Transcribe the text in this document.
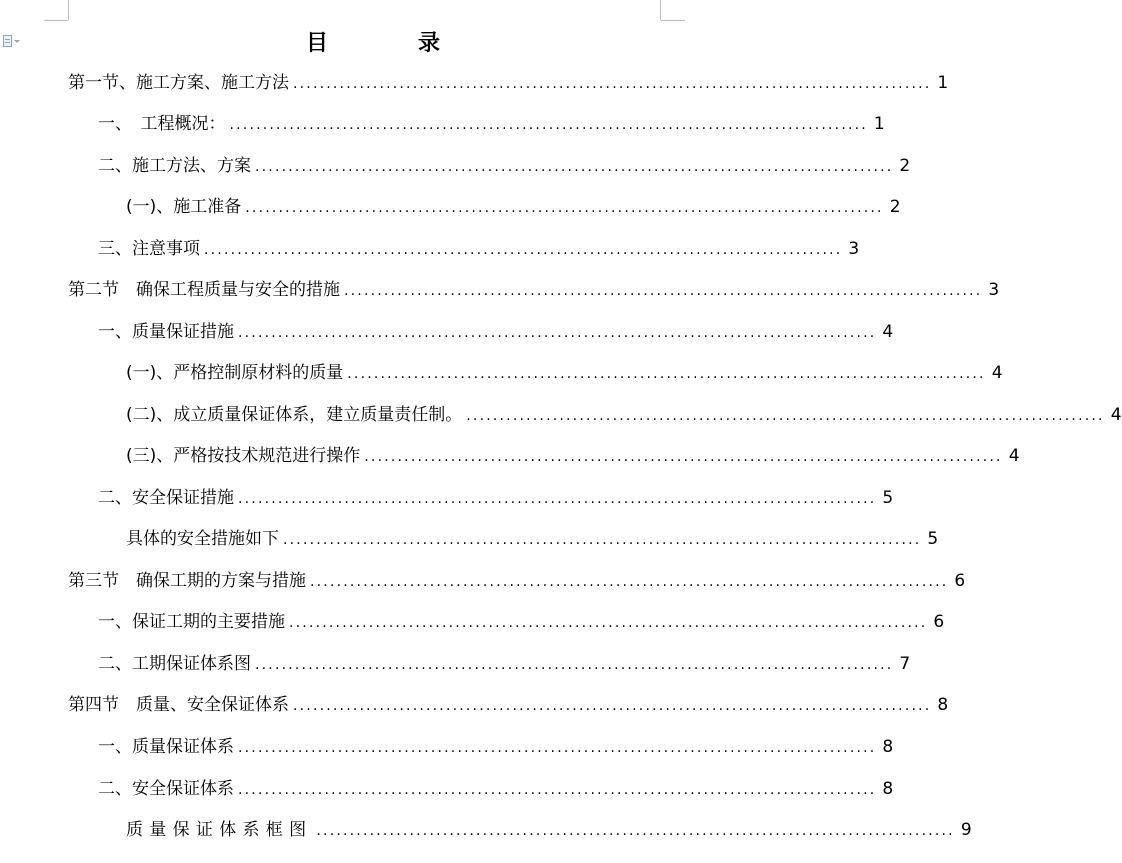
目　录
第一节、施工方案、施工方法 ................................................................................................ 1
一、　工程概况： ................................................................................................ 1
二、施工方法、方案 ................................................................................................ 2
(一)、施工准备 ................................................................................................ 2
三、注意事项 ................................................................................................ 3
第二节　确保工程质量与安全的措施 ................................................................................................ 3
一、质量保证措施 ................................................................................................ 4
(一)、严格控制原材料的质量 ................................................................................................ 4
(二)、成立质量保证体系，建立质量责任制。 ................................................................................................ 4
(三)、严格按技术规范进行操作 ................................................................................................ 4
二、安全保证措施 ................................................................................................ 5
具体的安全措施如下 ................................................................................................ 5
第三节　确保工期的方案与措施 ................................................................................................ 6
一、保证工期的主要措施 ................................................................................................ 6
二、工期保证体系图 ................................................................................................ 7
第四节　质量、安全保证体系 ................................................................................................ 8
一、质量保证体系 ................................................................................................ 8
二、安全保证体系 ................................................................................................ 8
质量保证体系框图 ................................................................................................ 9
